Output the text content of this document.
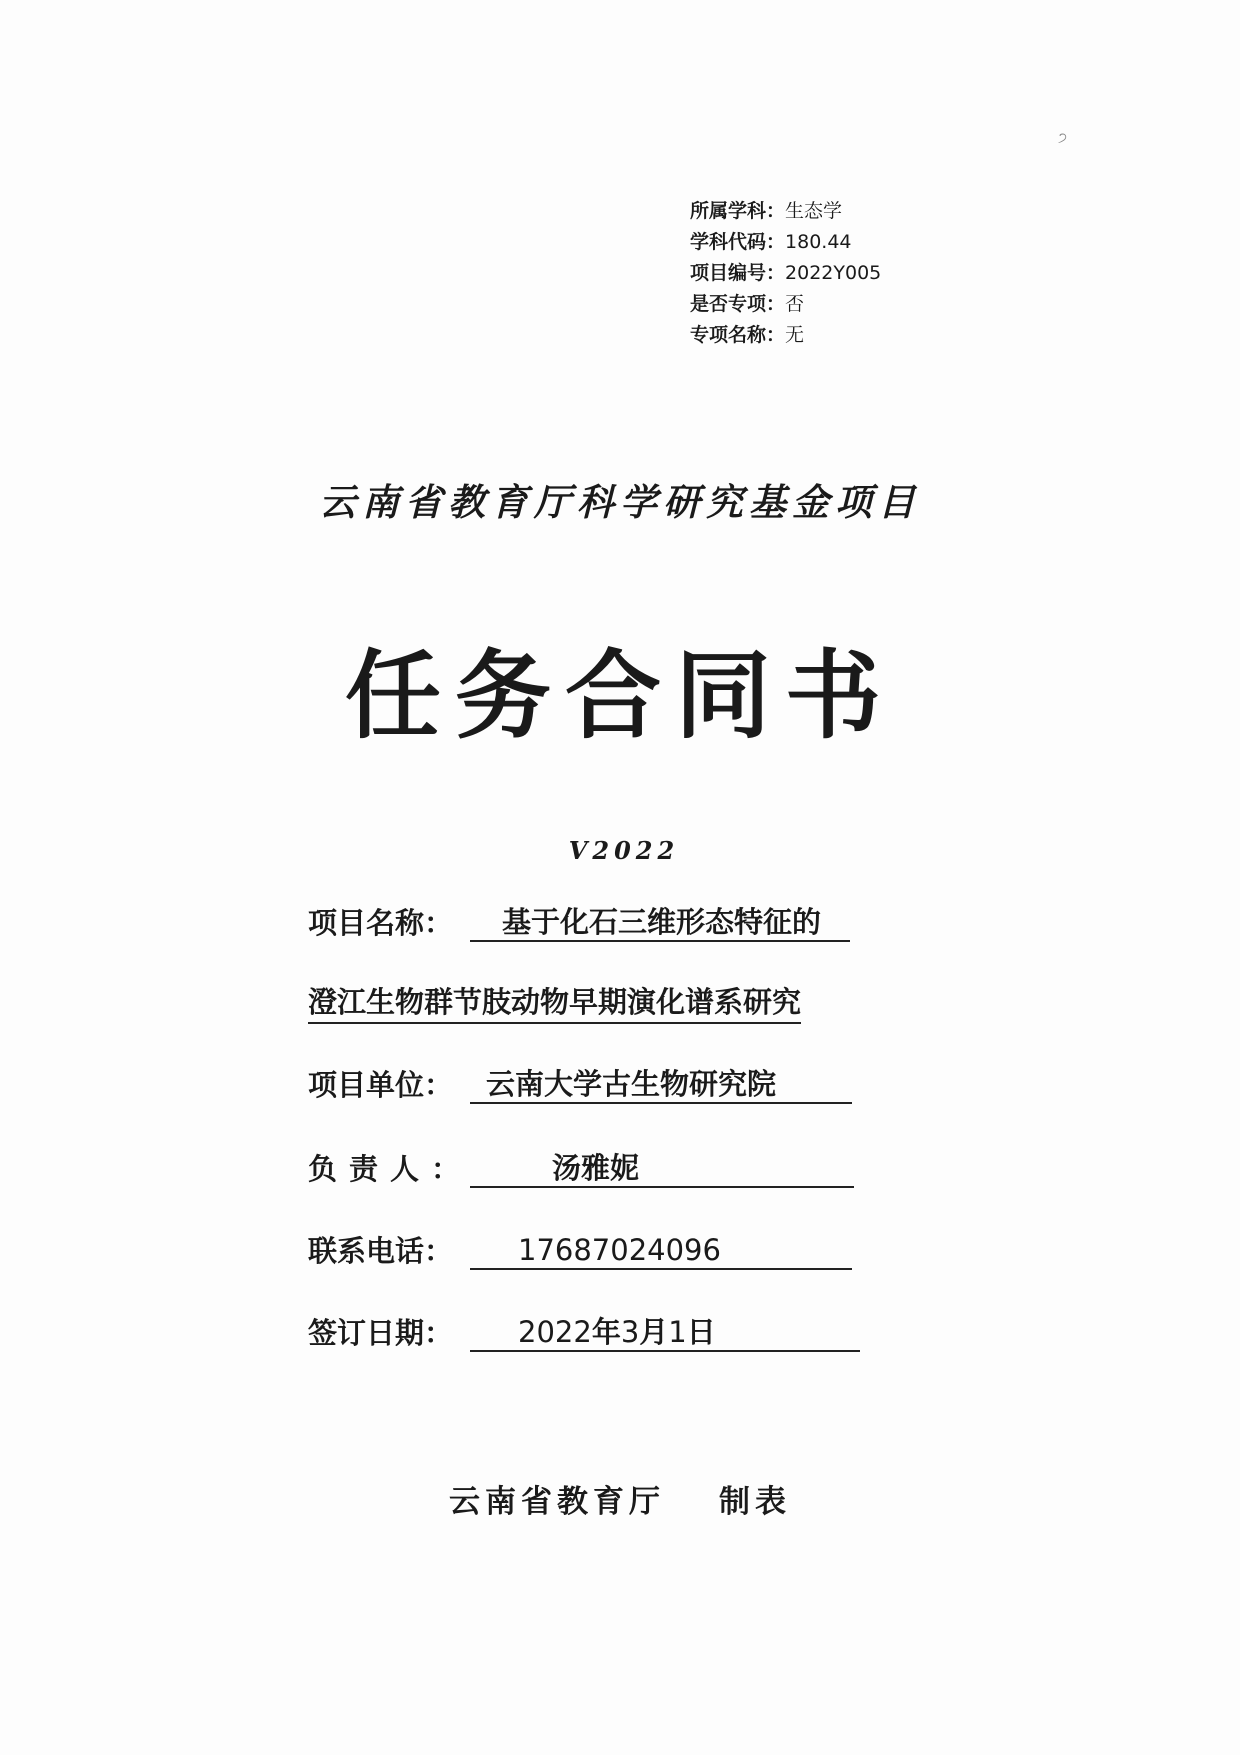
੭
所属学科： 生态学
学科代码： 180.44
项目编号： 2022Y005
是否专项： 否
专项名称： 无
云南省教育厅科学研究基金项目
任务合同书
V2022
项目名称：	基于化石三维形态特征的
澄江生物群节肢动物早期演化谱系研究
项目单位：	云南大学古生物研究院
负责人：	汤雅妮
联系电话：	17687024096
签订日期：	2022年3月1日
云南省教育厅 制表
